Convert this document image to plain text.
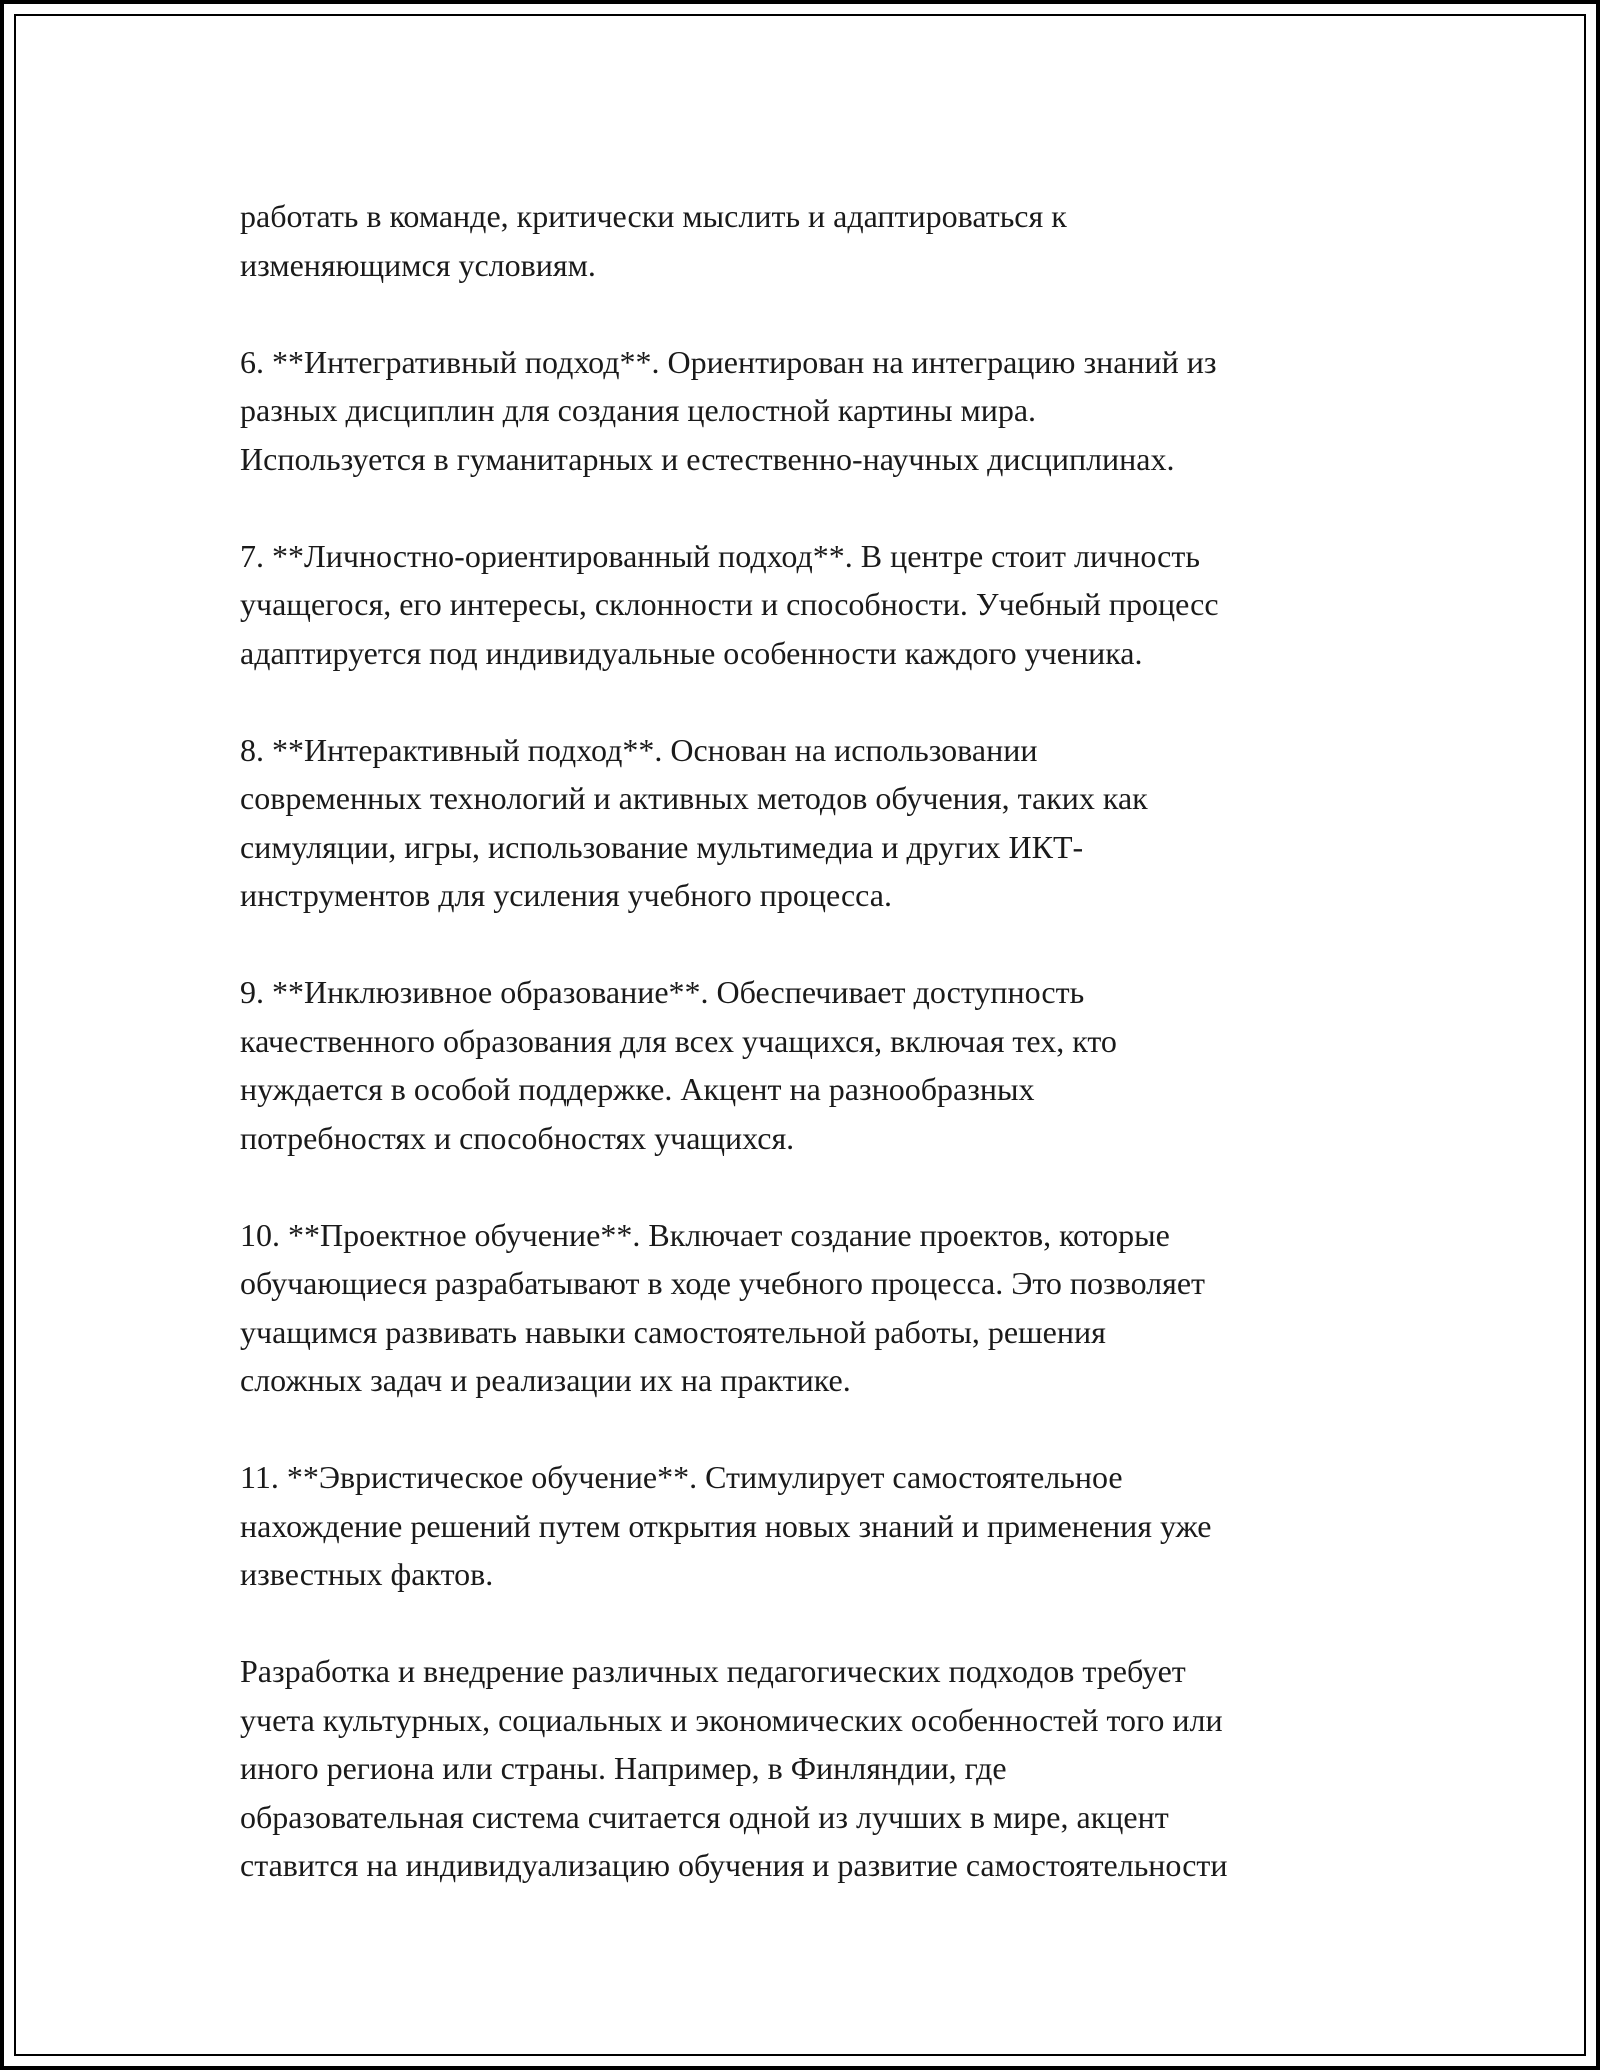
работать в команде, критически мыслить и адаптироваться к
изменяющимся условиям.

6. **Интегративный подход**. Ориентирован на интеграцию знаний из
разных дисциплин для создания целостной картины мира.
Используется в гуманитарных и естественно-научных дисциплинах.

7. **Личностно-ориентированный подход**. В центре стоит личность
учащегося, его интересы, склонности и способности. Учебный процесс
адаптируется под индивидуальные особенности каждого ученика.

8. **Интерактивный подход**. Основан на использовании
современных технологий и активных методов обучения, таких как
симуляции, игры, использование мультимедиа и других ИКТ-
инструментов для усиления учебного процесса.

9. **Инклюзивное образование**. Обеспечивает доступность
качественного образования для всех учащихся, включая тех, кто
нуждается в особой поддержке. Акцент на разнообразных
потребностях и способностях учащихся.

10. **Проектное обучение**. Включает создание проектов, которые
обучающиеся разрабатывают в ходе учебного процесса. Это позволяет
учащимся развивать навыки самостоятельной работы, решения
сложных задач и реализации их на практике.

11. **Эвристическое обучение**. Стимулирует самостоятельное
нахождение решений путем открытия новых знаний и применения уже
известных фактов.

Разработка и внедрение различных педагогических подходов требует
учета культурных, социальных и экономических особенностей того или
иного региона или страны. Например, в Финляндии, где
образовательная система считается одной из лучших в мире, акцент
ставится на индивидуализацию обучения и развитие самостоятельности
